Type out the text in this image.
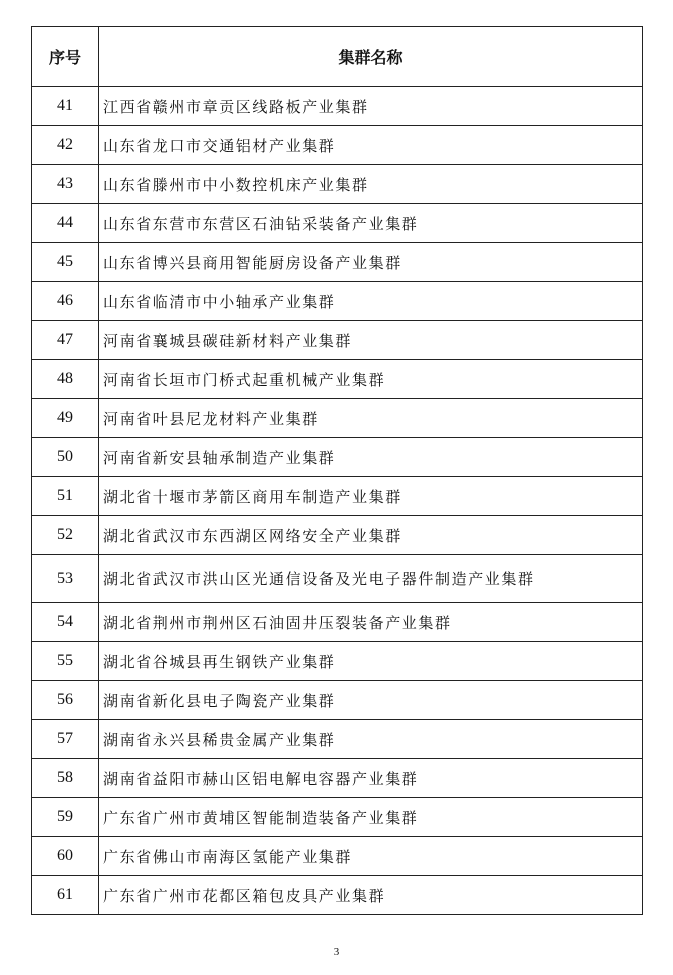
序号	集群名称
41	江西省赣州市章贡区线路板产业集群
42	山东省龙口市交通铝材产业集群
43	山东省滕州市中小数控机床产业集群
44	山东省东营市东营区石油钻采装备产业集群
45	山东省博兴县商用智能厨房设备产业集群
46	山东省临清市中小轴承产业集群
47	河南省襄城县碳硅新材料产业集群
48	河南省长垣市门桥式起重机械产业集群
49	河南省叶县尼龙材料产业集群
50	河南省新安县轴承制造产业集群
51	湖北省十堰市茅箭区商用车制造产业集群
52	湖北省武汉市东西湖区网络安全产业集群
53	湖北省武汉市洪山区光通信设备及光电子器件制造产业集群
54	湖北省荆州市荆州区石油固井压裂装备产业集群
55	湖北省谷城县再生钢铁产业集群
56	湖南省新化县电子陶瓷产业集群
57	湖南省永兴县稀贵金属产业集群
58	湖南省益阳市赫山区铝电解电容器产业集群
59	广东省广州市黄埔区智能制造装备产业集群
60	广东省佛山市南海区氢能产业集群
61	广东省广州市花都区箱包皮具产业集群
3
